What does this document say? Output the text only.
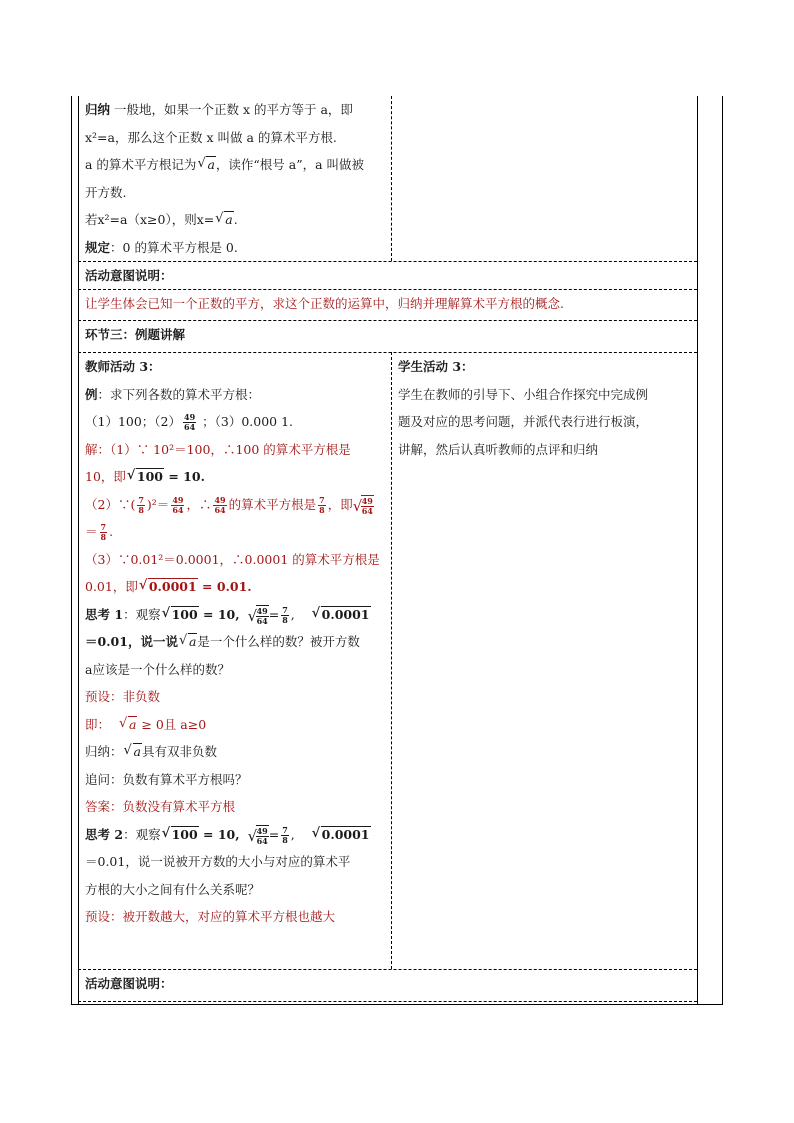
归纳 一般地，如果一个正数 x 的平方等于 a，即
x²=a，那么这个正数 x 叫做 a 的算术平方根.
a 的算术平方根记为 √ a，读作“根号 a”，a 叫做被
开方数.
若x²=a（x≥0），则x= √ a.
规定：0 的算术平方根是 0.
活动意图说明：
让学生体会已知一个正数的平方，求这个正数的运算中，归纳并理解算术平方根的概念.
环节三：例题讲解
教师活动 3：
例：求下列各数的算术平方根：
（1）100；$(2) \frac{49}{64}$ ；（3）0.000 1.
解：（1）∵ 10²＝100，∴100 的算术平方根是
10，即 √ 100 = 10.
（2）∵( $\frac{7}{8} )^2= \frac{49}{64}$ ，∴ $\frac{49}{64}$ 的算术平方根是 $\frac{7}{8}$ ，即 √ $\frac{49}{64}$
＝ $\frac{7}{8}$ .
（3）∵0.01²＝0.0001，∴0.0001 的算术平方根是
0.01，即 √ 0.0001 = 0.01.
思考 1：观察 √ 100 = 10, √ $\frac{49}{64} = \frac{7}{8}$ , √ 0.0001
＝0.01，说一说 √ a是一个什么样的数？被开方数
a应该是一个什么样的数？
预设：非负数
即： √ a ≥ 0且 a≥0
归纳： √ a具有双非负数
追问：负数有算术平方根吗？
答案：负数没有算术平方根
思考 2：观察 √ 100 = 10, √ $\frac{49}{64} = \frac{7}{8}$ , √ 0.0001
＝0.01，说一说被开方数的大小与对应的算术平
方根的大小之间有什么关系呢？
预设：被开数越大，对应的算术平方根也越大
学生活动 3：
学生在教师的引导下、小组合作探究中完成例
题及对应的思考问题，并派代表行进行板演，
讲解，然后认真听教师的点评和归纳
活动意图说明：
